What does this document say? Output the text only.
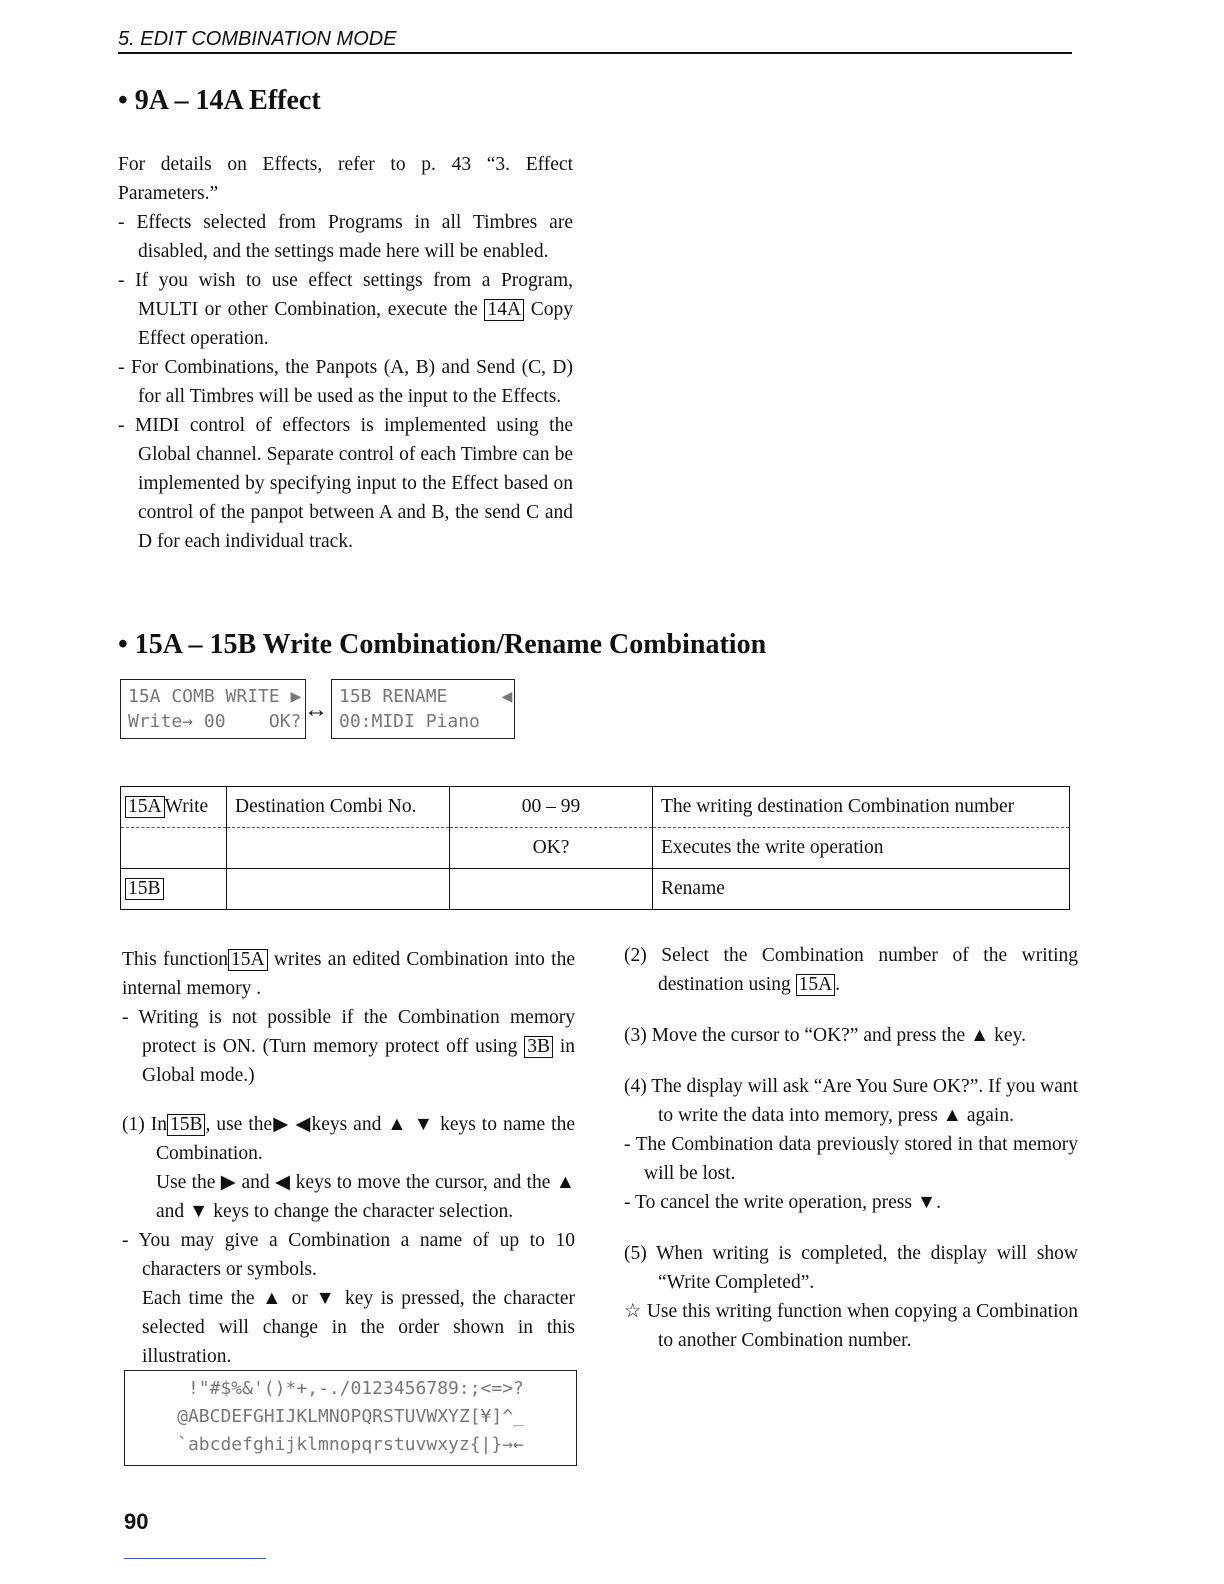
5. EDIT COMBINATION MODE
• 9A – 14A Effect
For details on Effects, refer to p. 43 “3. Effect Parameters.”
- Effects selected from Programs in all Timbres are disabled, and the settings made here will be enabled.
- If you wish to use effect settings from a Program, MULTI or other Combination, execute the 14A Copy Effect operation.
- For Combinations, the Panpots (A, B) and Send (C, D) for all Timbres will be used as the input to the Effects.
- MIDI control of effectors is implemented using the Global channel. Separate control of each Timbre can be implemented by specifying input to the Effect based on control of the panpot between A and B, the send C and D for each individual track.
• 15A – 15B Write Combination/Rename Combination
15A COMB WRITE ▶
Write→ 00    OK? ↔
15B RENAME     ◀
00:MIDI Piano
15A Write	Destination Combi No.	00 – 99	The writing destination Combination number
		OK?	Executes the write operation
15B			Rename
This function 15A writes an edited Combination into the internal memory .
- Writing is not possible if the Combination memory protect is ON. (Turn memory protect off using 3B in Global mode.)
(1) In 15B , use the▶ ◀keys and ▲ ▼ keys to name the Combination.
Use the ▶ and ◀ keys to move the cursor, and the ▲ and ▼ keys to change the character selection.
- You may give a Combination a name of up to 10 characters or symbols.
Each time the ▲ or ▼ key is pressed, the character selected will change in the order shown in this illustration.
!"#$%&'()*+,-./0123456789:;<=>?
@ABCDEFGHIJKLMNOPQRSTUVWXYZ[¥]^_
`abcdefghijklmnopqrstuvwxyz{|}→←
(2) Select the Combination number of the writing destination using 15A .
(3) Move the cursor to “OK?” and press the ▲ key.
(4) The display will ask “Are You Sure OK?”. If you want to write the data into memory, press ▲ again.
- The Combination data previously stored in that memory will be lost.
- To cancel the write operation, press ▼.
(5) When writing is completed, the display will show “Write Completed”.
☆ Use this writing function when copying a Combination to another Combination number.
90
